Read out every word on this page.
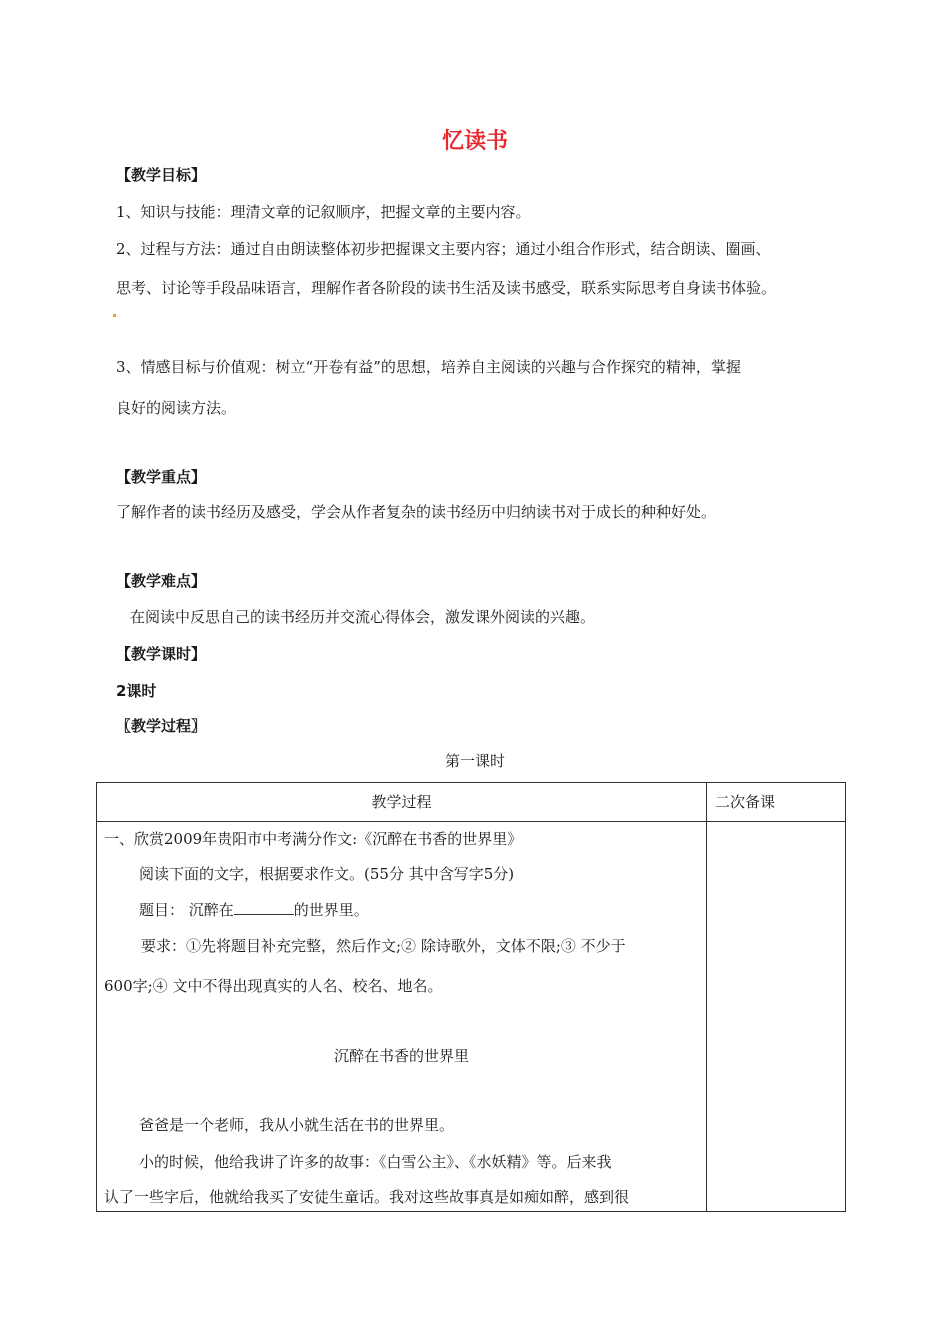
忆读书
【教学目标】
1、知识与技能：理清文章的记叙顺序，把握文章的主要内容。
2、过程与方法：通过自由朗读整体初步把握课文主要内容；通过小组合作形式，结合朗读、圈画、
思考、讨论等手段品味语言，理解作者各阶段的读书生活及读书感受，联系实际思考自身读书体验。
3、情感目标与价值观：树立“开卷有益”的思想，培养自主阅读的兴趣与合作探究的精神，掌握
良好的阅读方法。
【教学重点】
了解作者的读书经历及感受，学会从作者复杂的读书经历中归纳读书对于成长的种种好处。
【教学难点】
在阅读中反思自己的读书经历并交流心得体会，激发课外阅读的兴趣。
【教学课时】
2课时
〖教学过程〗
第一课时
教学过程	二次备课
一、欣赏2009年贵阳市中考满分作文:《沉醉在书香的世界里》
阅读下面的文字，根据要求作文。(55分 其中含写字5分)
题目： 沉醉在	的世界里。
要求：①先将题目补充完整，然后作文;② 除诗歌外，文体不限;③ 不少于
600字;④ 文中不得出现真实的人名、校名、地名。
沉醉在书香的世界里
爸爸是一个老师，我从小就生活在书的世界里。
小的时候，他给我讲了许多的故事：《白雪公主》、《水妖精》等。后来我
认了一些字后，他就给我买了安徒生童话。我对这些故事真是如痴如醉，感到很
